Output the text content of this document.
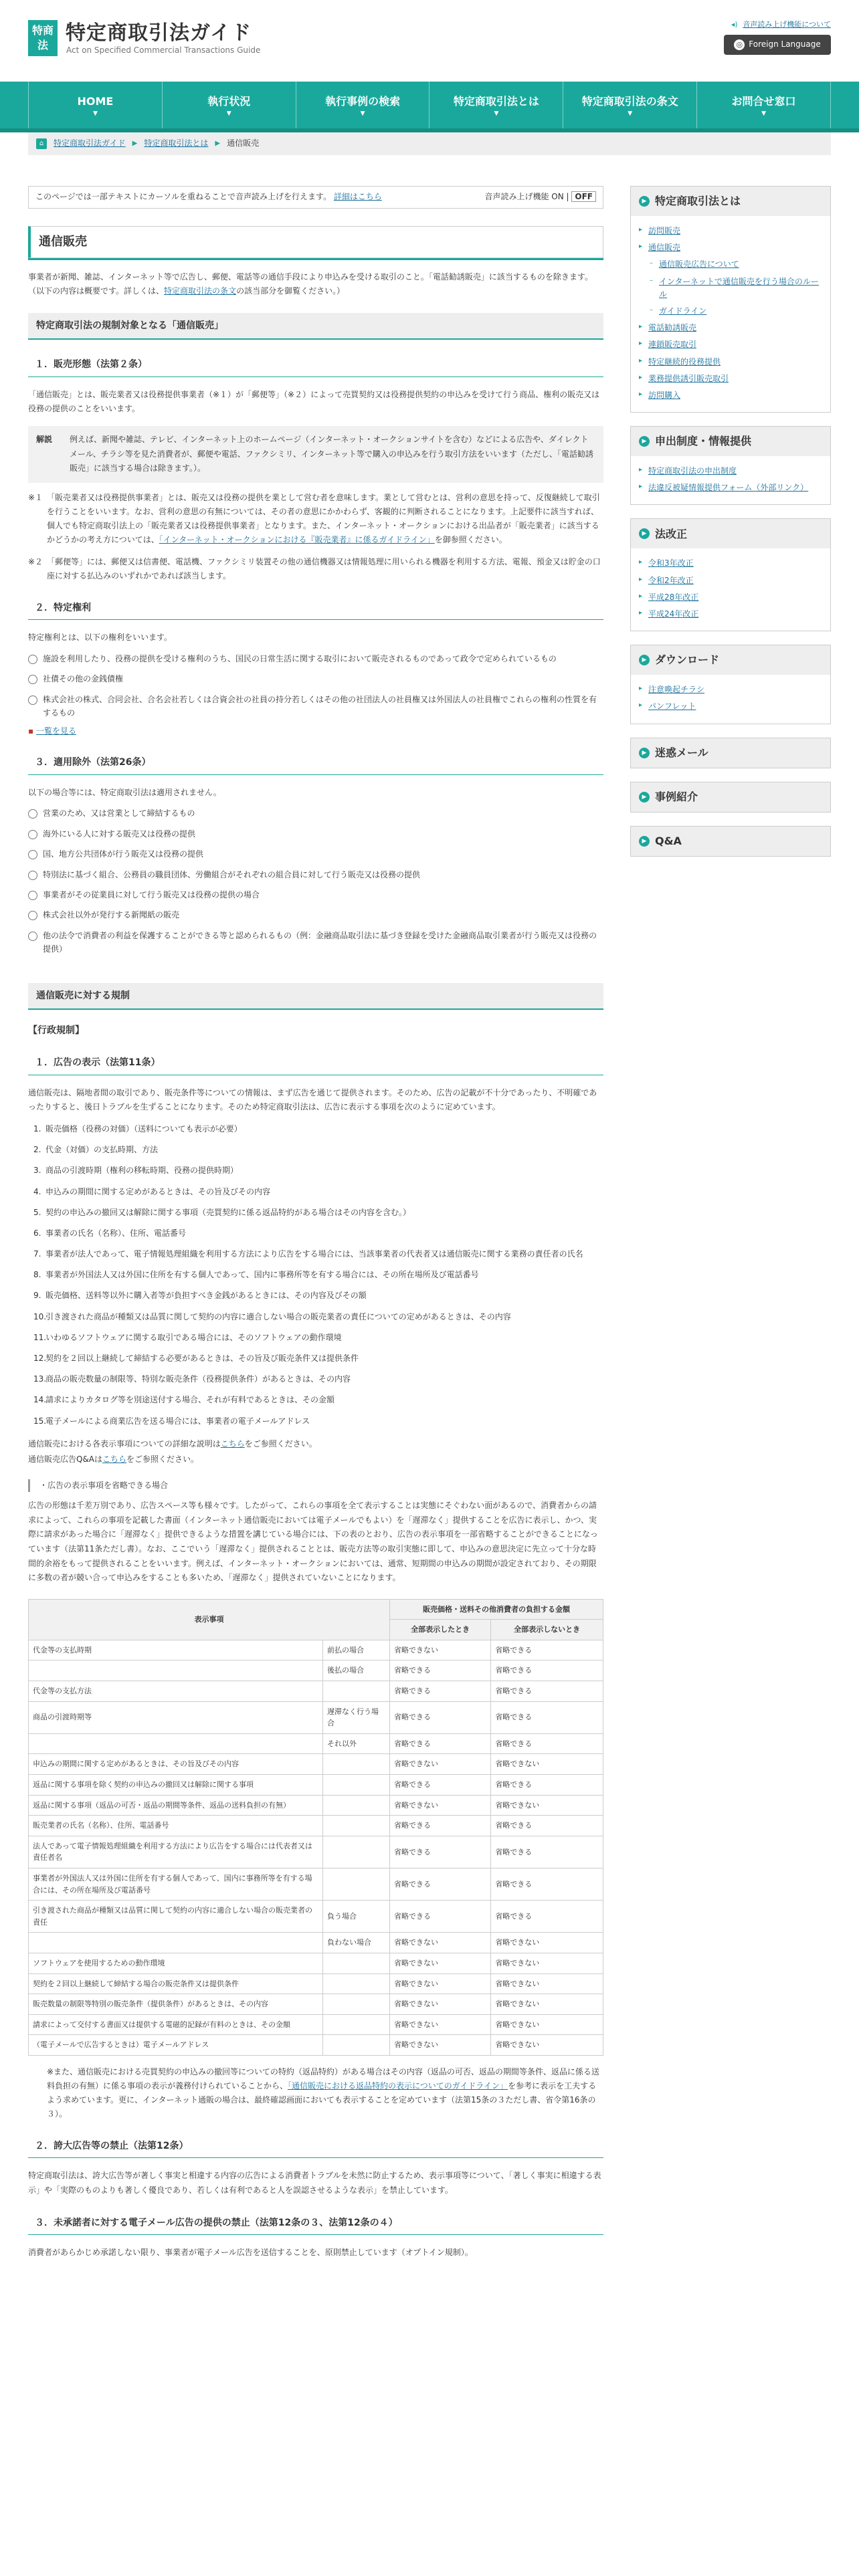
特商
法
特定商取引法ガイド
Act on Specified Commercial Transactions Guide
◂) 音声読み上げ機能について
◎ Foreign Language
HOME
▼
執行状況
▼
執行事例の検索
▼
特定商取引法とは
▼
特定商取引法の条文
▼
お問合せ窓口
▼
⌂	特定商取引法ガイド ▶ 特定商取引法とは ▶ 通信販売
このページでは一部テキストにカーソルを重ねることで音声読み上げを行えます。 詳細はこちら	音声読み上げ機能 ON | OFF
通信販売

事業者が新聞、雑誌、インターネット等で広告し、郵便、電話等の通信手段により申込みを受ける取引のこと。「電話勧誘販売」に該当するものを除きます。

（以下の内容は概要です。詳しくは、特定商取引法の条文の該当部分を御覧ください。）

特定商取引法の規制対象となる「通信販売」
１．販売形態（法第２条）

「通信販売」とは、販売業者又は役務提供事業者（※１）が「郵便等」（※２）によって売買契約又は役務提供契約の申込みを受けて行う商品、権利の販売又は役務の提供のことをいいます。

解説 例えば、新聞や雑誌、テレビ、インターネット上のホームページ（インターネット・オークションサイトを含む）などによる広告や、ダイレクトメール、チラシ等を見た消費者が、郵便や電話、ファクシミリ、インターネット等で購入の申込みを行う取引方法をいいます（ただし、「電話勧誘販売」に該当する場合は除きます。）。
※１ 「販売業者又は役務提供事業者」とは、販売又は役務の提供を業として営む者を意味します。業として営むとは、営利の意思を持って、反復継続して取引を行うことをいいます。なお、営利の意思の有無については、その者の意思にかかわらず、客観的に判断されることになります。上記要件に該当すれば、個人でも特定商取引法上の「販売業者又は役務提供事業者」となります。また、インターネット・オークションにおける出品者が「販売業者」に該当するかどうかの考え方については、「インターネット・オークションにおける『販売業者』に係るガイドライン」を御参照ください。
※２ 「郵便等」には、郵便又は信書便、電話機、ファクシミリ装置その他の通信機器又は情報処理に用いられる機器を利用する方法、電報、預金又は貯金の口座に対する払込みのいずれかであれば該当します。
２．特定権利

特定権利とは、以下の権利をいいます。

施設を利用したり、役務の提供を受ける権利のうち、国民の日常生活に関する取引において販売されるものであって政令で定められているもの
社債その他の金銭債権
株式会社の株式、合同会社、合名会社若しくは合資会社の社員の持分若しくはその他の社団法人の社員権又は外国法人の社員権でこれらの権利の性質を有するもの
▪ 一覧を見る
３．適用除外（法第26条）

以下の場合等には、特定商取引法は適用されません。

営業のため、又は営業として締結するもの
海外にいる人に対する販売又は役務の提供
国、地方公共団体が行う販売又は役務の提供
特別法に基づく組合、公務員の職員団体、労働組合がそれぞれの組合員に対して行う販売又は役務の提供
事業者がその従業員に対して行う販売又は役務の提供の場合
株式会社以外が発行する新聞紙の販売
他の法令で消費者の利益を保護することができる等と認められるもの（例：金融商品取引法に基づき登録を受けた金融商品取引業者が行う販売又は役務の提供）
通信販売に対する規制
【行政規制】
１．広告の表示（法第11条）

通信販売は、隔地者間の取引であり、販売条件等についての情報は、まず広告を通じて提供されます。そのため、広告の記載が不十分であったり、不明確であったりすると、後日トラブルを生ずることになります。そのため特定商取引法は、広告に表示する事項を次のように定めています。

1. 販売価格（役務の対価）（送料についても表示が必要）
2. 代金（対価）の支払時期、方法
3. 商品の引渡時期（権利の移転時期、役務の提供時期）
4. 申込みの期間に関する定めがあるときは、その旨及びその内容
5. 契約の申込みの撤回又は解除に関する事項（売買契約に係る返品特約がある場合はその内容を含む。）
6. 事業者の氏名（名称）、住所、電話番号
7. 事業者が法人であって、電子情報処理組織を利用する方法により広告をする場合には、当該事業者の代表者又は通信販売に関する業務の責任者の氏名
8. 事業者が外国法人又は外国に住所を有する個人であって、国内に事務所等を有する場合には、その所在場所及び電話番号
9. 販売価格、送料等以外に購入者等が負担すべき金銭があるときには、その内容及びその額
10.
引き渡された商品が種類又は品質に関して契約の内容に適合しない場合の販売業者の責任についての定めがあるときは、その内容
11.
いわゆるソフトウェアに関する取引である場合には、そのソフトウェアの動作環境
12.
契約を２回以上継続して締結する必要があるときは、その旨及び販売条件又は提供条件
13.
商品の販売数量の制限等、特別な販売条件（役務提供条件）があるときは、その内容
14.
請求によりカタログ等を別途送付する場合、それが有料であるときは、その金額
15.
電子メールによる商業広告を送る場合には、事業者の電子メールアドレス

通信販売における各表示事項についての詳細な説明はこちらをご参照ください。

通信販売広告Q&Aはこちらをご参照ください。

・広告の表示事項を省略できる場合

広告の形態は千差万別であり、広告スペース等も様々です。したがって、これらの事項を全て表示することは実態にそぐわない面があるので、消費者からの請求によって、これらの事項を記載した書面（インターネット通信販売においては電子メールでもよい）を「遅滞なく」提供することを広告に表示し、かつ、実際に請求があった場合に「遅滞なく」提供できるような措置を講じている場合には、下の表のとおり、広告の表示事項を一部省略することができることになっています（法第11条ただし書）。なお、ここでいう「遅滞なく」提供されることとは、販売方法等の取引実態に即して、申込みの意思決定に先立って十分な時間的余裕をもって提供されることをいいます。例えば、インターネット・オークションにおいては、通常、短期間の申込みの期間が設定されており、その期限に多数の者が競い合って申込みをすることも多いため、「遅滞なく」提供されていないことになります。

表示事項		販売価格・送料その他消費者の負担する金額	
		全部表示したとき	全部表示しないとき
代金等の支払時期	前払の場合	省略できない	省略できる
	後払の場合	省略できる	省略できる
代金等の支払方法		省略できる	省略できる
商品の引渡時期等	遅滞なく行う場合	省略できる	省略できる
	それ以外	省略できる	省略できる
申込みの期間に関する定めがあるときは、その旨及びその内容		省略できない	省略できない
返品に関する事項を除く契約の申込みの撤回又は解除に関する事項		省略できる	省略できる
返品に関する事項（返品の可否・返品の期間等条件、返品の送料負担の有無）		省略できない	省略できない
販売業者の氏名（名称）、住所、電話番号		省略できる	省略できる
法人であって電子情報処理組織を利用する方法により広告をする場合には代表者又は責任者名		省略できる	省略できる
事業者が外国法人又は外国に住所を有する個人であって、国内に事務所等を有する場合には、その所在場所及び電話番号		省略できる	省略できる
引き渡された商品が種類又は品質に関して契約の内容に適合しない場合の販売業者の責任	負う場合	省略できる	省略できる
	負わない場合	省略できない	省略できない
ソフトウェアを使用するための動作環境		省略できない	省略できない
契約を２回以上継続して締結する場合の販売条件又は提供条件		省略できない	省略できない
販売数量の制限等特別の販売条件（提供条件）があるときは、その内容		省略できない	省略できない
請求によって交付する書面又は提供する電磁的記録が有料のときは、その金額		省略できない	省略できない
（電子メールで広告するときは）電子メールアドレス		省略できない	省略できない
※また、通信販売における売買契約の申込みの撤回等についての特約（返品特約）がある場合はその内容（返品の可否、返品の期間等条件、返品に係る送料負担の有無）に係る事項の表示が義務付けられていることから、「通信販売における返品特約の表示についてのガイドライン」を参考に表示を工夫するよう求めています。更に、インターネット通販の場合は、最終確認画面においても表示することを定めています（法第15条の３ただし書、省令第16条の３）。
２．誇大広告等の禁止（法第12条）

特定商取引法は、誇大広告等が著しく事実と相違する内容の広告による消費者トラブルを未然に防止するため、表示事項等について、「著しく事実に相違する表示」や「実際のものよりも著しく優良であり、若しくは有利であると人を誤認させるような表示」を禁止しています。

３．未承諾者に対する電子メール広告の提供の禁止（法第12条の３、法第12条の４）

消費者があらかじめ承諾しない限り、事業者が電子メール広告を送信することを、原則禁止しています（オプトイン規制）。

▶ 特定商取引法とは
▸ 訪問販売
▸ 通信販売
– 通信販売広告について
– インターネットで通信販売を行う場合のルール
– ガイドライン
▸ 電話勧誘販売
▸ 連鎖販売取引
▸ 特定継続的役務提供
▸ 業務提供誘引販売取引
▸ 訪問購入
▶ 申出制度・情報提供
▸ 特定商取引法の申出制度
▸ 法違反被疑情報提供フォーム（外部リンク）
▶ 法改正
▸ 令和3年改正
▸ 令和2年改正
▸ 平成28年改正
▸ 平成24年改正
▶ ダウンロード
▸ 注意喚起チラシ
▸ パンフレット
▶ 迷惑メール
▶ 事例紹介
▶ Q&A
